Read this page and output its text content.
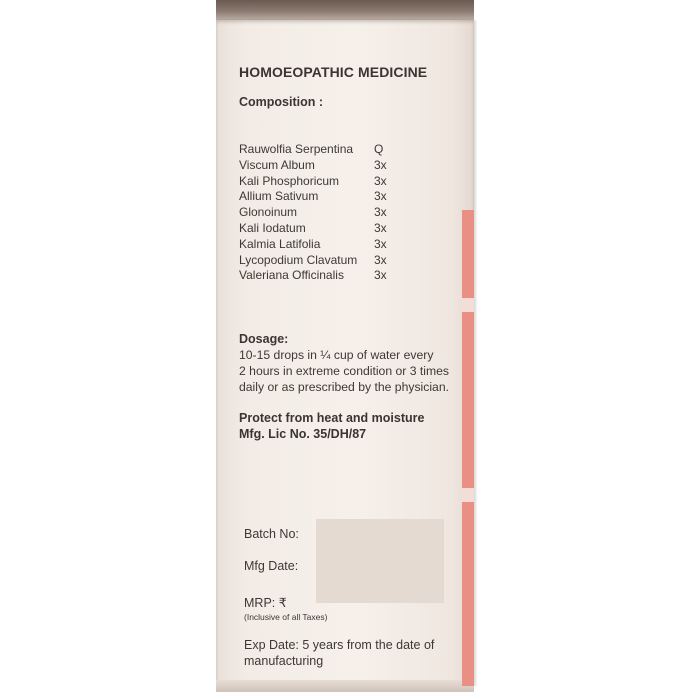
HOMOEOPATHIC MEDICINE
Composition :
Rauwolfia Serpentina Q
Viscum Album	3x
Kali Phosphoricum	3x
Allium Sativum	3x
Glonoinum	3x
Kali Iodatum	3x
Kalmia Latifolia	3x
Lycopodium Clavatum 3x
Valeriana Officinalis	3x
Dosage:
10-15 drops in ¼ cup of water every
2 hours in extreme condition or 3 times
daily or as prescribed by the physician.
Protect from heat and moisture
Mfg. Lic No. 35/DH/87
Batch No:
Mfg Date:
MRP: ₹
(Inclusive of all Taxes)
Exp Date: 5 years from the date of
manufacturing
